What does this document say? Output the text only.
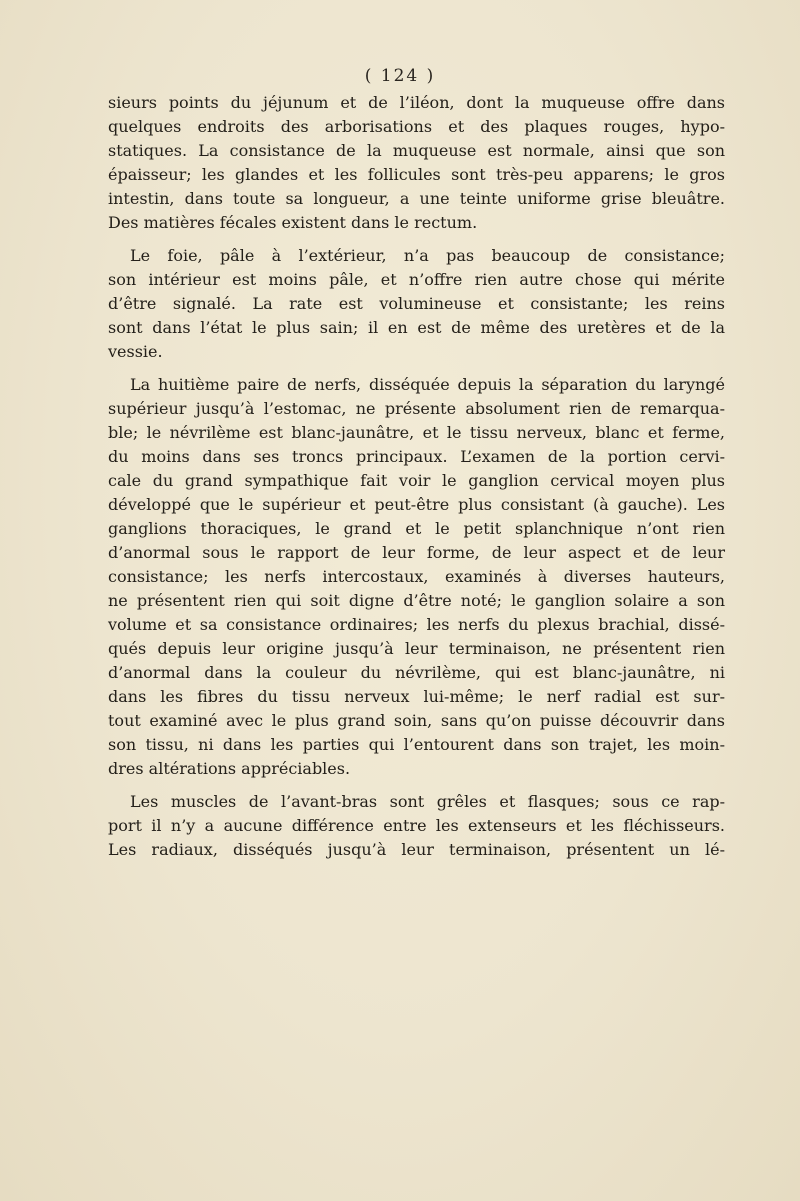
( 124 )
sieurs points du jéjunum et de l’iléon, dont la muqueuse offre dans
quelques endroits des arborisations et des plaques rouges, hypo-
statiques. La consistance de la muqueuse est normale, ainsi que son
épaisseur; les glandes et les follicules sont très-peu apparens; le gros
intestin, dans toute sa longueur, a une teinte uniforme grise bleuâtre.
Des matières fécales existent dans le rectum.
Le foie, pâle à l’extérieur, n’a pas beaucoup de consistance;
son intérieur est moins pâle, et n’offre rien autre chose qui mérite
d’être signalé. La rate est volumineuse et consistante; les reins
sont dans l’état le plus sain; il en est de même des uretères et de la
vessie.
La huitième paire de nerfs, disséquée depuis la séparation du laryngé
supérieur jusqu’à l’estomac, ne présente absolument rien de remarqua-
ble; le névrilème est blanc-jaunâtre, et le tissu nerveux, blanc et ferme,
du moins dans ses troncs principaux. L’examen de la portion cervi-
cale du grand sympathique fait voir le ganglion cervical moyen plus
développé que le supérieur et peut-être plus consistant (à gauche). Les
ganglions thoraciques, le grand et le petit splanchnique n’ont rien
d’anormal sous le rapport de leur forme, de leur aspect et de leur
consistance; les nerfs intercostaux, examinés à diverses hauteurs,
ne présentent rien qui soit digne d’être noté; le ganglion solaire a son
volume et sa consistance ordinaires; les nerfs du plexus brachial, dissé-
qués depuis leur origine jusqu’à leur terminaison, ne présentent rien
d’anormal dans la couleur du névrilème, qui est blanc-jaunâtre, ni
dans les fibres du tissu nerveux lui-même; le nerf radial est sur-
tout examiné avec le plus grand soin, sans qu’on puisse découvrir dans
son tissu, ni dans les parties qui l’entourent dans son trajet, les moin-
dres altérations appréciables.
Les muscles de l’avant-bras sont grêles et flasques; sous ce rap-
port il n’y a aucune différence entre les extenseurs et les fléchisseurs.
Les radiaux, disséqués jusqu’à leur terminaison, présentent un lé-
